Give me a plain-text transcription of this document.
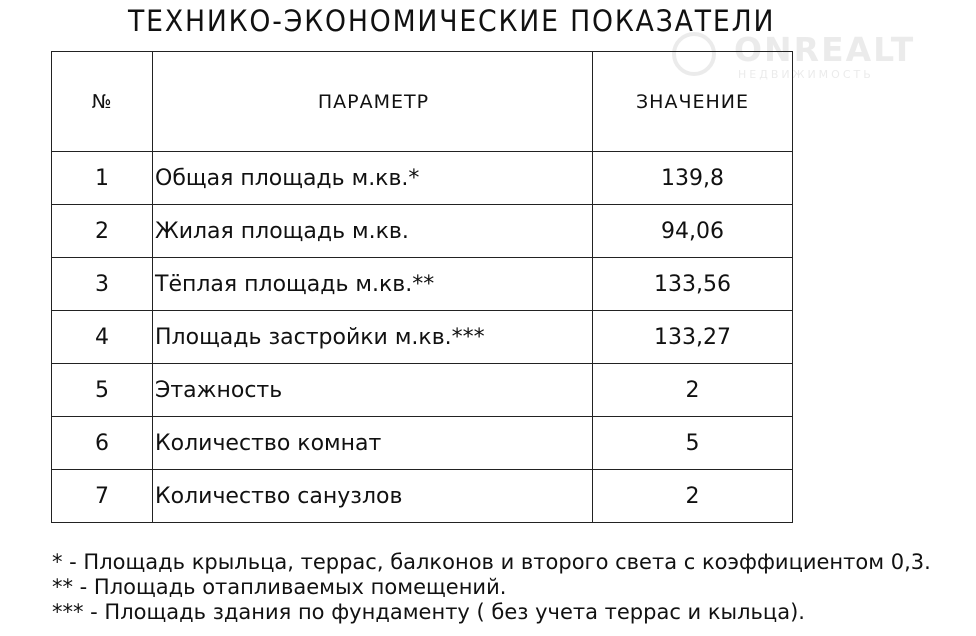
ТЕХНИКО-ЭКОНОМИЧЕСКИЕ ПОКАЗАТЕЛИ
ONREALT
НЕДВИЖИМОСТЬ
№	ПАРАМЕТР	ЗНАЧЕНИЕ
1	Общая площадь м.кв.*	139,8
2	Жилая площадь м.кв.	94,06
3	Тёплая площадь м.кв.**	133,56
4	Площадь застройки м.кв.***	133,27
5	Этажность	2
6	Количество комнат	5
7	Количество санузлов	2
* - Площадь крыльца, террас, балконов и второго света с коэффициентом 0,3.
** - Площадь отапливаемых помещений.
*** - Площадь здания по фундаменту ( без учета террас и кыльца).
